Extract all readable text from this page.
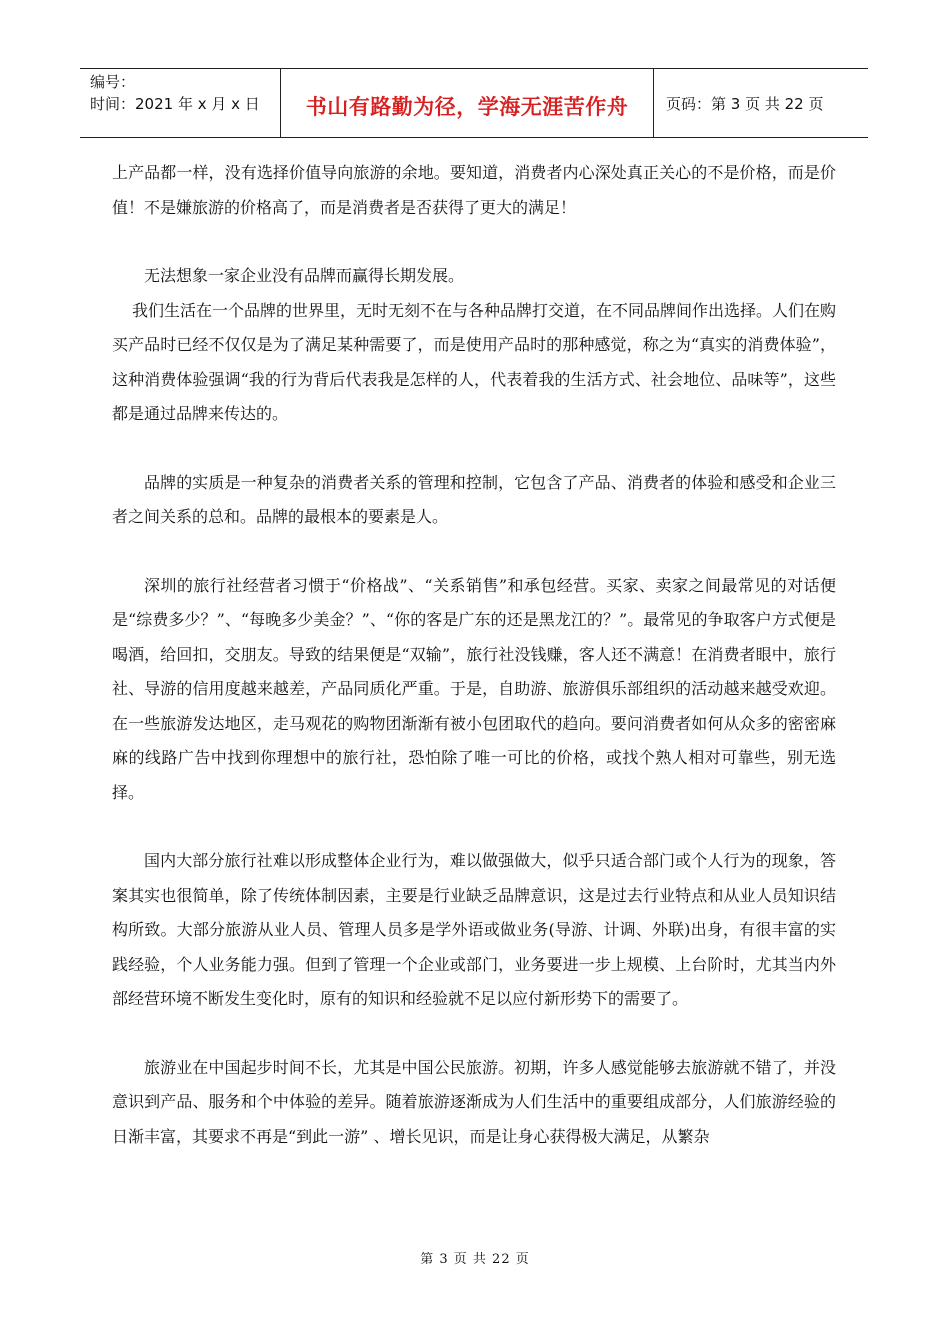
编号：
时间：2021 年 x 月 x 日	书山有路勤为径，学海无涯苦作舟	页码：第 3 页 共 22 页

上产品都一样，没有选择价值导向旅游的余地。要知道，消费者内心深处真正关心的不是价格，而是价值！不是嫌旅游的价格高了，而是消费者是否获得了更大的满足！

无法想象一家企业没有品牌而赢得长期发展。

我们生活在一个品牌的世界里，无时无刻不在与各种品牌打交道，在不同品牌间作出选择。人们在购买产品时已经不仅仅是为了满足某种需要了，而是使用产品时的那种感觉，称之为“真实的消费体验”，这种消费体验强调“我的行为背后代表我是怎样的人，代表着我的生活方式、社会地位、品味等”，这些都是通过品牌来传达的。

品牌的实质是一种复杂的消费者关系的管理和控制，它包含了产品、消费者的体验和感受和企业三者之间关系的总和。品牌的最根本的要素是人。

深圳的旅行社经营者习惯于“价格战”、“关系销售”和承包经营。买家、卖家之间最常见的对话便是“综费多少？”、“每晚多少美金？”、“你的客是广东的还是黑龙江的？”。最常见的争取客户方式便是喝酒，给回扣，交朋友。导致的结果便是“双输”，旅行社没钱赚，客人还不满意！在消费者眼中，旅行社、导游的信用度越来越差，产品同质化严重。于是，自助游、旅游俱乐部组织的活动越来越受欢迎。在一些旅游发达地区，走马观花的购物团渐渐有被小包团取代的趋向。要问消费者如何从众多的密密麻麻的线路广告中找到你理想中的旅行社，恐怕除了唯一可比的价格，或找个熟人相对可靠些，别无选择。

国内大部分旅行社难以形成整体企业行为，难以做强做大，似乎只适合部门或个人行为的现象，答案其实也很简单，除了传统体制因素，主要是行业缺乏品牌意识，这是过去行业特点和从业人员知识结构所致。大部分旅游从业人员、管理人员多是学外语或做业务(导游、计调、外联)出身，有很丰富的实践经验，个人业务能力强。但到了管理一个企业或部门，业务要进一步上规模、上台阶时，尤其当内外部经营环境不断发生变化时，原有的知识和经验就不足以应付新形势下的需要了。

旅游业在中国起步时间不长，尤其是中国公民旅游。初期，许多人感觉能够去旅游就不错了，并没意识到产品、服务和个中体验的差异。随着旅游逐渐成为人们生活中的重要组成部分，人们旅游经验的日渐丰富，其要求不再是“到此一游” 、增长见识，而是让身心获得极大满足，从繁杂

第 3 页 共 22 页
